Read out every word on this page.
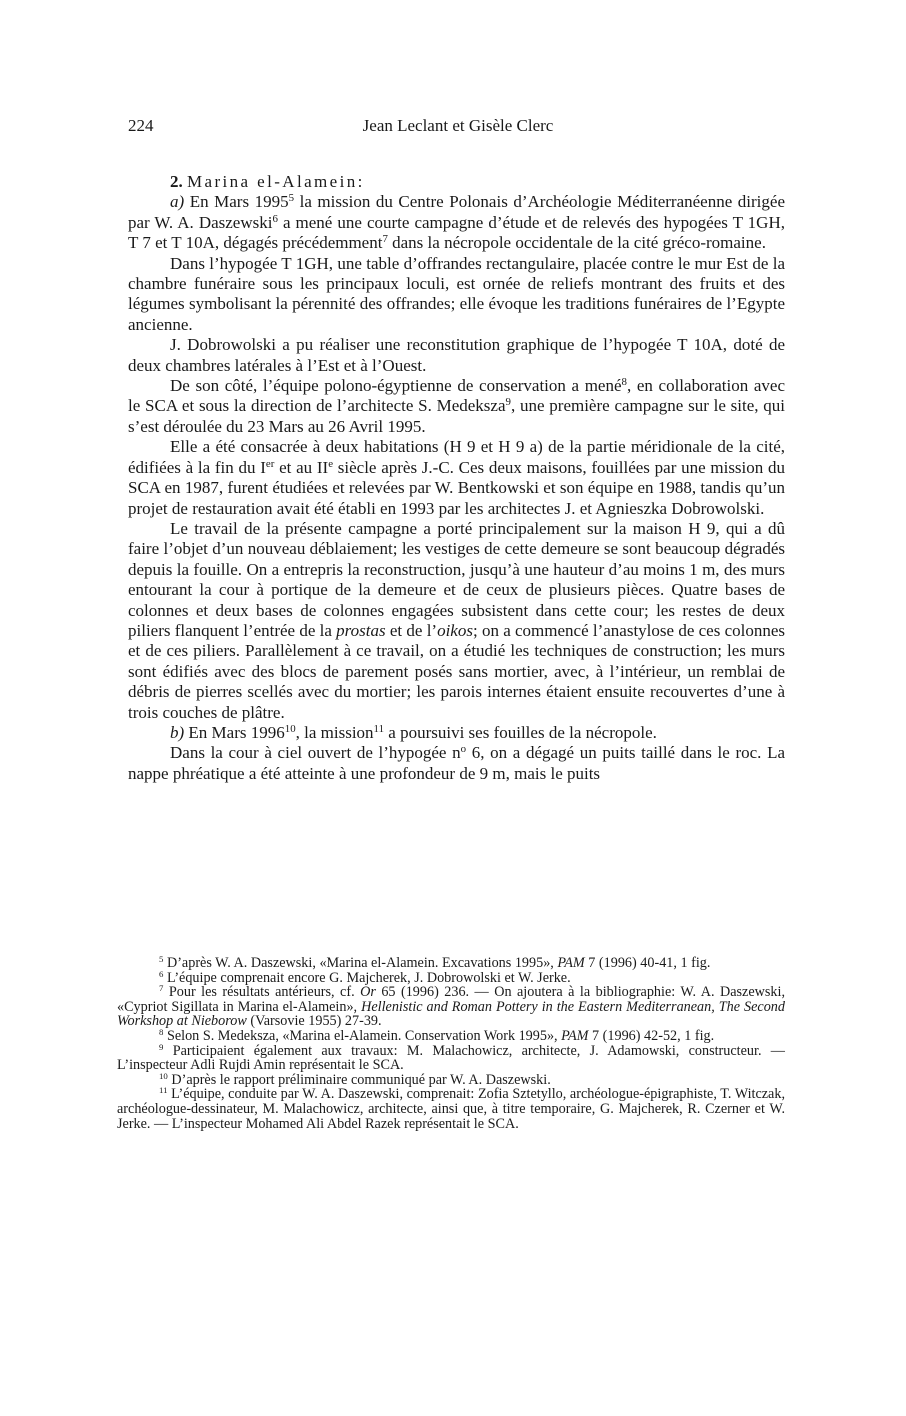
224	Jean Leclant et Gisèle Clerc

2. Marina el-Alamein:

a) En Mars 1995$^5$ la mission du Centre Polonais d’Archéologie Méditerranéenne dirigée par W. A. Daszewski$^6$ a mené une courte campagne d’étude et de relevés des hypogées T 1GH, T 7 et T 10A, dégagés précédemment$^7$ dans la nécropole occidentale de la cité gréco-romaine.

Dans l’hypogée T 1GH, une table d’offrandes rectangulaire, placée contre le mur Est de la chambre funéraire sous les principaux loculi, est ornée de reliefs montrant des fruits et des légumes symbolisant la pérennité des offrandes; elle évoque les traditions funéraires de l’Egypte ancienne.

J. Dobrowolski a pu réaliser une reconstitution graphique de l’hypogée T 10A, doté de deux chambres latérales à l’Est et à l’Ouest.

De son côté, l’équipe polono-égyptienne de conservation a mené$^8$, en collaboration avec le SCA et sous la direction de l’architecte S. Medeksza$^9$, une première campagne sur le site, qui s’est déroulée du 23 Mars au 26 Avril 1995.

Elle a été consacrée à deux habitations (H 9 et H 9 a) de la partie méridionale de la cité, édifiées à la fin du Ier et au IIe siècle après J.-C. Ces deux maisons, fouillées par une mission du SCA en 1987, furent étudiées et relevées par W. Bentkowski et son équipe en 1988, tandis qu’un projet de restauration avait été établi en 1993 par les architectes J. et Agnieszka Dobrowolski.

Le travail de la présente campagne a porté principalement sur la maison H 9, qui a dû faire l’objet d’un nouveau déblaiement; les vestiges de cette demeure se sont beaucoup dégradés depuis la fouille. On a entrepris la reconstruction, jusqu’à une hauteur d’au moins 1 m, des murs entourant la cour à portique de la demeure et de ceux de plusieurs pièces. Quatre bases de colonnes et deux bases de colonnes engagées subsistent dans cette cour; les restes de deux piliers flanquent l’entrée de la prostas et de l’oikos; on a commencé l’anastylose de ces colonnes et de ces piliers. Parallèlement à ce travail, on a étudié les techniques de construction; les murs sont édifiés avec des blocs de parement posés sans mortier, avec, à l’intérieur, un remblai de débris de pierres scellés avec du mortier; les parois internes étaient ensuite recouvertes d’une à trois couches de plâtre.

b) En Mars 1996$^{10}$, la mission$^{11}$ a poursuivi ses fouilles de la nécropole.

Dans la cour à ciel ouvert de l’hypogée $n^o$ 6, on a dégagé un puits taillé dans le roc. La nappe phréatique a été atteinte à une profondeur de 9 m, mais le puits

$^5$ D’après W. A. Daszewski, «Marina el-Alamein. Excavations 1995», PAM 7 (1996) 40-41, 1 fig.

$^6$ L’équipe comprenait encore G. Majcherek, J. Dobrowolski et W. Jerke.

$^7$ Pour les résultats antérieurs, cf. Or 65 (1996) 236. — On ajoutera à la bibliographie: W. A. Daszewski, «Cypriot Sigillata in Marina el-Alamein», Hellenistic and Roman Pottery in the Eastern Mediterranean, The Second Workshop at Nieborow (Varsovie 1955) 27-39.

$^8$ Selon S. Medeksza, «Marina el-Alamein. Conservation Work 1995», PAM 7 (1996) 42-52, 1 fig.

$^9$ Participaient également aux travaux: M. Malachowicz, architecte, J. Adamowski, constructeur. — L’inspecteur Adli Rujdi Amin représentait le SCA.

$^{10}$ D’après le rapport préliminaire communiqué par W. A. Daszewski.

$^{11}$ L’équipe, conduite par W. A. Daszewski, comprenait: Zofia Sztetyllo, archéologue-épigraphiste, T. Witczak, archéologue-dessinateur, M. Malachowicz, architecte, ainsi que, à titre temporaire, G. Majcherek, R. Czerner et W. Jerke. — L’inspecteur Mohamed Ali Abdel Razek représentait le SCA.
